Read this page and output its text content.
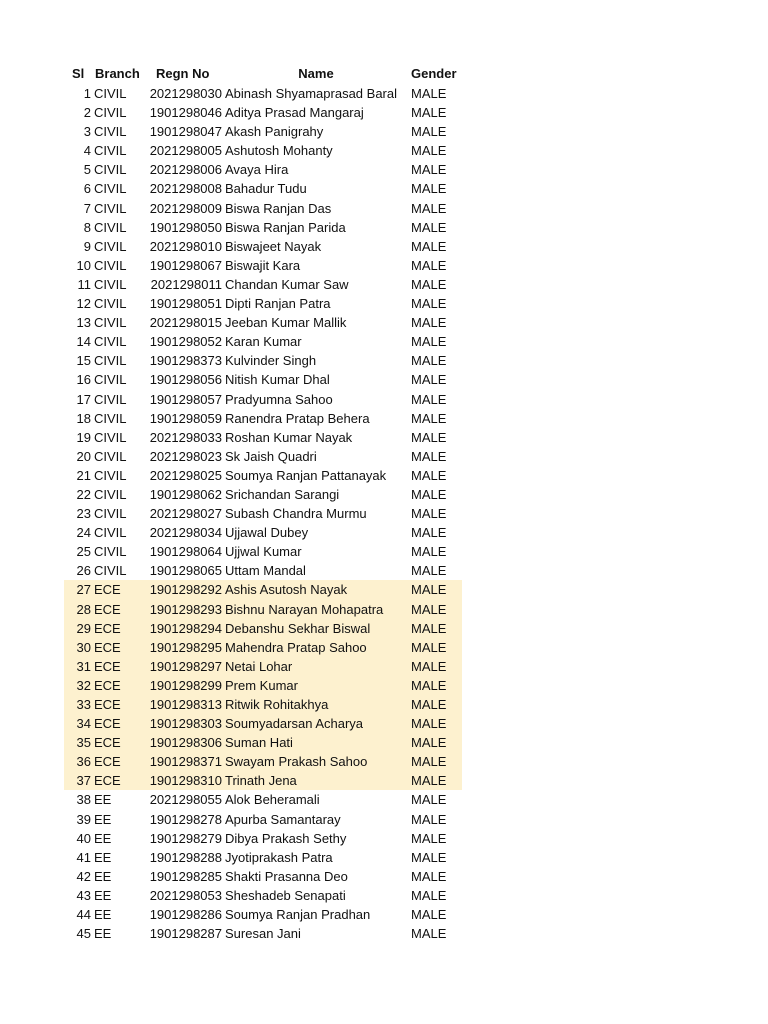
Sl Branch Regn No	Name	Gender
1 CIVIL	2021298030 Abinash Shyamaprasad Baral	MALE
2 CIVIL	1901298046 Aditya Prasad Mangaraj	MALE
3 CIVIL	1901298047 Akash Panigrahy	MALE
4 CIVIL	2021298005 Ashutosh Mohanty	MALE
5 CIVIL	2021298006 Avaya Hira	MALE
6 CIVIL	2021298008 Bahadur Tudu	MALE
7 CIVIL	2021298009 Biswa Ranjan Das	MALE
8 CIVIL	1901298050 Biswa Ranjan Parida	MALE
9 CIVIL	2021298010 Biswajeet Nayak	MALE
10 CIVIL	1901298067 Biswajit Kara	MALE
11 CIVIL	2021298011 Chandan Kumar Saw	MALE
12 CIVIL	1901298051 Dipti Ranjan Patra	MALE
13 CIVIL	2021298015 Jeeban Kumar Mallik	MALE
14 CIVIL	1901298052 Karan Kumar	MALE
15 CIVIL	1901298373 Kulvinder Singh	MALE
16 CIVIL	1901298056 Nitish Kumar Dhal	MALE
17 CIVIL	1901298057 Pradyumna Sahoo	MALE
18 CIVIL	1901298059 Ranendra Pratap Behera	MALE
19 CIVIL	2021298033 Roshan Kumar Nayak	MALE
20 CIVIL	2021298023 Sk Jaish Quadri	MALE
21 CIVIL	2021298025 Soumya Ranjan Pattanayak	MALE
22 CIVIL	1901298062 Srichandan Sarangi	MALE
23 CIVIL	2021298027 Subash Chandra Murmu	MALE
24 CIVIL	2021298034 Ujjawal Dubey	MALE
25 CIVIL	1901298064 Ujjwal Kumar	MALE
26 CIVIL	1901298065 Uttam Mandal	MALE
27 ECE	1901298292 Ashis Asutosh Nayak	MALE
28 ECE	1901298293 Bishnu Narayan Mohapatra	MALE
29 ECE	1901298294 Debanshu Sekhar Biswal	MALE
30 ECE	1901298295 Mahendra Pratap Sahoo	MALE
31 ECE	1901298297 Netai Lohar	MALE
32 ECE	1901298299 Prem Kumar	MALE
33 ECE	1901298313 Ritwik Rohitakhya	MALE
34 ECE	1901298303 Soumyadarsan Acharya	MALE
35 ECE	1901298306 Suman Hati	MALE
36 ECE	1901298371 Swayam Prakash Sahoo	MALE
37 ECE	1901298310 Trinath Jena	MALE
38 EE	2021298055 Alok Beheramali	MALE
39 EE	1901298278 Apurba Samantaray	MALE
40 EE	1901298279 Dibya Prakash Sethy	MALE
41 EE	1901298288 Jyotiprakash Patra	MALE
42 EE	1901298285 Shakti Prasanna Deo	MALE
43 EE	2021298053 Sheshadeb Senapati	MALE
44 EE	1901298286 Soumya Ranjan Pradhan	MALE
45 EE	1901298287 Suresan Jani	MALE
